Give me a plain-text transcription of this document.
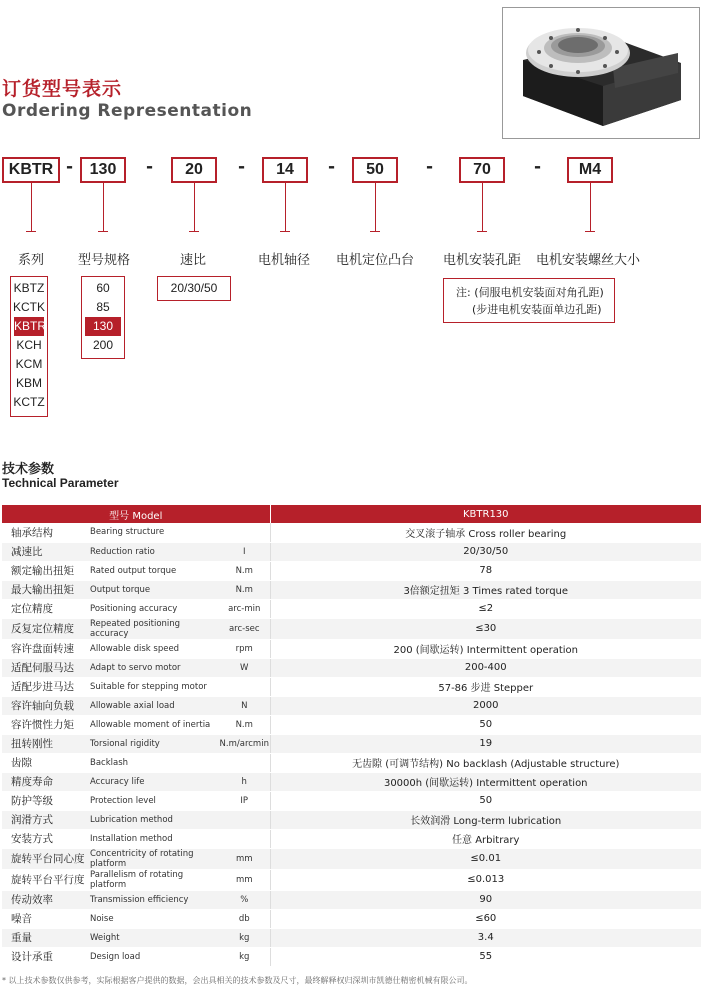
订货型号表示
Ordering Representation
KBTR -	130	-	20	-	14	-	50	-	70	-	M4
系列	型号规格	速比	电机轴径 电机定位凸台 电机安装孔距 电机安装螺丝大小
KBTZ
KCTK
KBTR
KCH
KCM
KBM
KCTZ
60
85
130
200
20/30/50	注: (伺服电机安装面对角孔距)
(步进电机安装面单边孔距)
技术参数
Technical Parameter
型号 Model			KBTR130
轴承结构	Bearing structure		交叉滚子轴承 Cross roller bearing
减速比	Reduction ratio	I	20/30/50
额定输出扭矩	Rated output torque	N.m	78
最大输出扭矩	Output torque	N.m	3倍额定扭矩 3 Times rated torque
定位精度	Positioning accuracy	arc-min	≤2
反复定位精度	Repeated positioning accuracy	arc-sec	≤30
容许盘面转速	Allowable disk speed	rpm	200 (间歇运转) Intermittent operation
适配伺服马达	Adapt to servo motor	W	200-400
适配步进马达	Suitable for stepping motor		57-86 步进 Stepper
容许轴向负载	Allowable axial load	N	2000
容许惯性力矩	Allowable moment of inertia	N.m	50
扭转刚性	Torsional rigidity	N.m/arcmin	19
齿隙	Backlash		无齿隙 (可调节结构) No backlash (Adjustable structure)
精度寿命	Accuracy life	h	30000h (间歇运转) Intermittent operation
防护等级	Protection level	IP	50
润滑方式	Lubrication method		长效润滑 Long-term lubrication
安装方式	Installation method		任意 Arbitrary
旋转平台同心度	Concentricity of rotating platform	mm	≤0.01
旋转平台平行度	Parallelism of rotating platform	mm	≤0.013
传动效率	Transmission efficiency	%	90
噪音	Noise	db	≤60
重量	Weight	kg	3.4
设计承重	Design load	kg	55
* 以上技术参数仅供参考，实际根据客户提供的数据，会出具相关的技术参数及尺寸，最终解释权归深圳市凯德仕精密机械有限公司。
